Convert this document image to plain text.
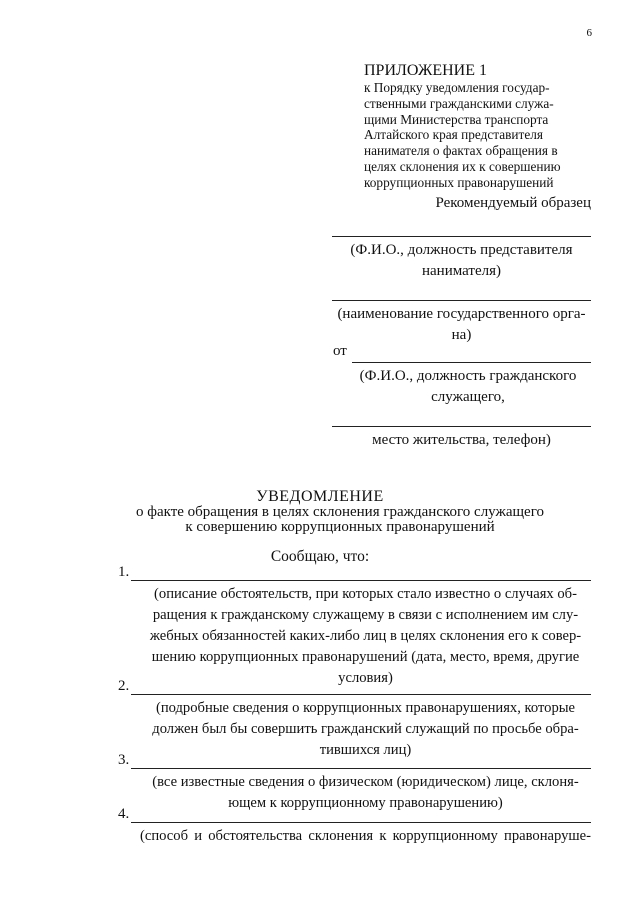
6
ПРИЛОЖЕНИЕ 1
к Порядку уведомления государ-
ственными гражданскими служа-
щими Министерства транспорта
Алтайского края представителя
нанимателя о фактах обращения в
целях склонения их к совершению
коррупционных правонарушений
Рекомендуемый образец
(Ф.И.О., должность представителя
нанимателя)
(наименование государственного орга-
на)
от
(Ф.И.О., должность гражданского
служащего,
место жительства, телефон)
УВЕДОМЛЕНИЕ
о факте обращения в целях склонения гражданского служащего
к совершению коррупционных правонарушений
Сообщаю, что:
1.
(описание обстоятельств, при которых стало известно о случаях об-
ращения к гражданскому служащему в связи с исполнением им слу-
жебных обязанностей каких-либо лиц в целях склонения его к совер-
шению коррупционных правонарушений (дата, место, время, другие
условия)
2.
(подробные сведения о коррупционных правонарушениях, которые
должен был бы совершить гражданский служащий по просьбе обра-
тившихся лиц)
3.
(все известные сведения о физическом (юридическом) лице, склоня-
ющем к коррупционному правонарушению)
4.
(способ и обстоятельства склонения к коррупционному правонаруше-
